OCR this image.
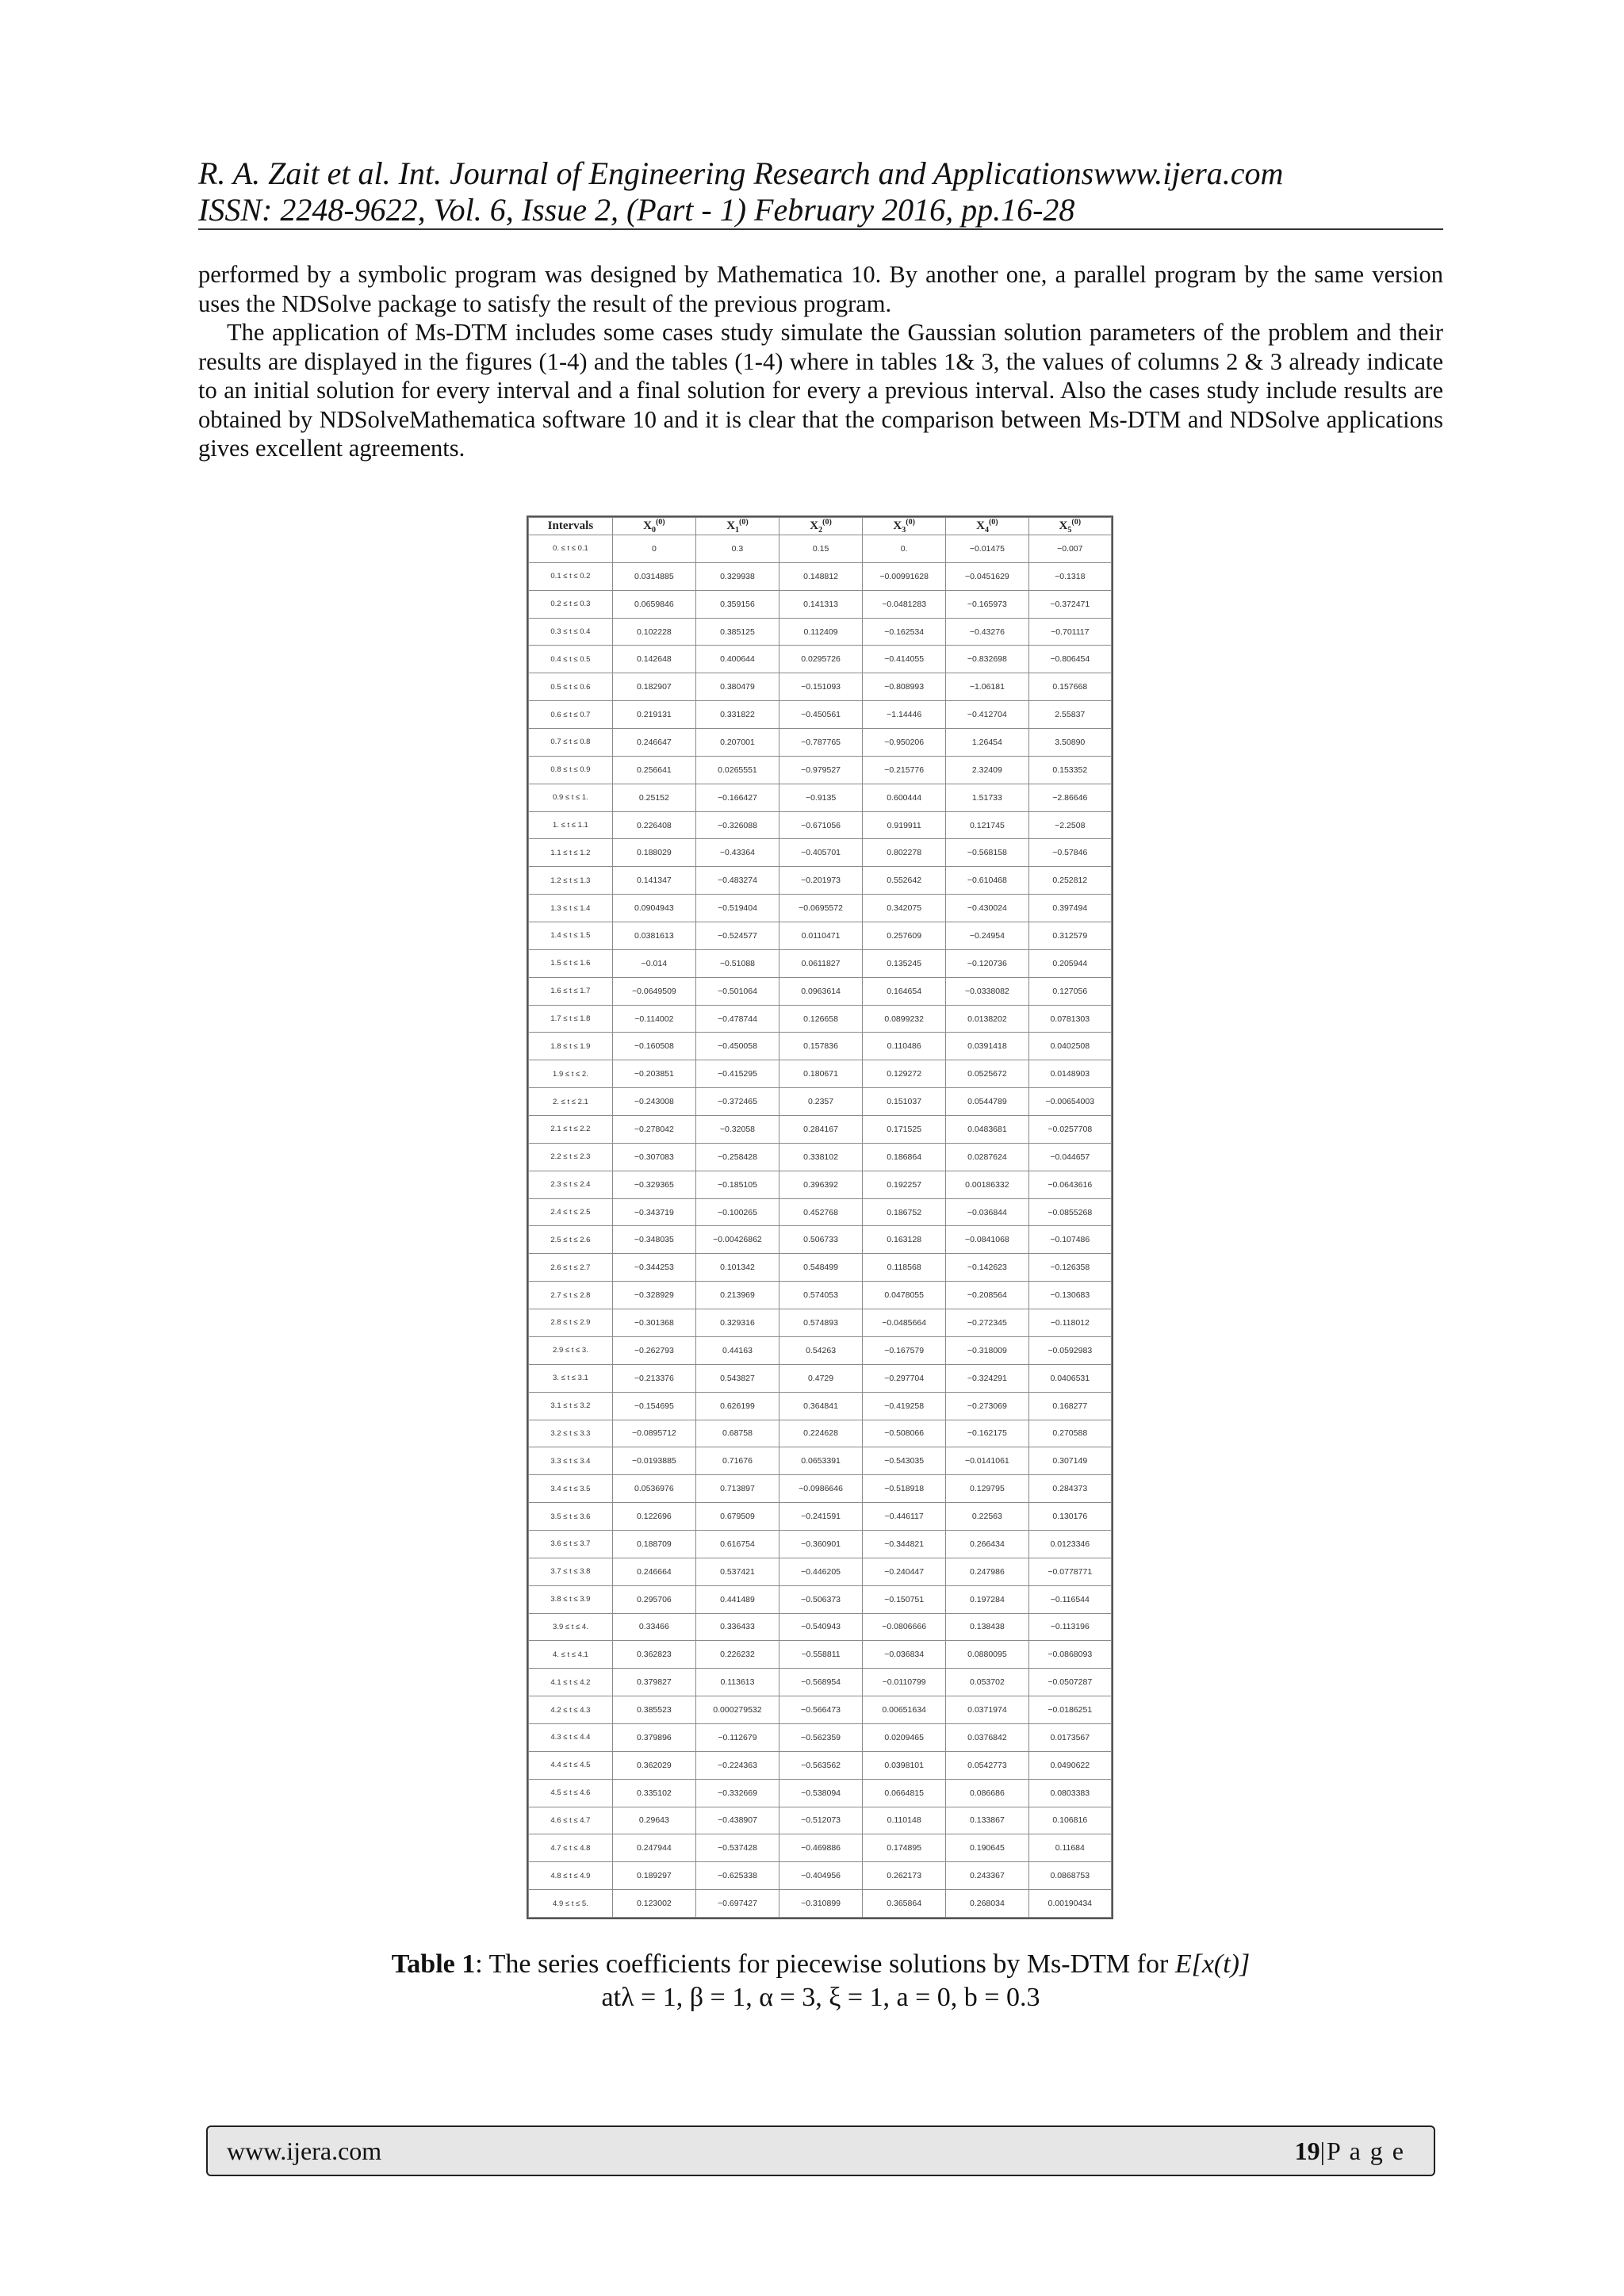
R. A. Zait et al. Int. Journal of Engineering Research and Applicationswww.ijera.com
ISSN: 2248-9622, Vol. 6, Issue 2, (Part - 1) February 2016, pp.16-28

performed by a symbolic program was designed by Mathematica 10. By another one, a parallel program by the same version uses the NDSolve package to satisfy the result of the previous program.

The application of Ms-DTM includes some cases study simulate the Gaussian solution parameters of the problem and their results are displayed in the figures (1-4) and the tables (1-4) where in tables 1& 3, the values of columns 2 & 3 already indicate to an initial solution for every interval and a final solution for every a previous interval. Also the cases study include results are obtained by NDSolveMathematica software 10 and it is clear that the comparison between Ms-DTM and NDSolve applications gives excellent agreements.

Intervals	$X_0^{(0)}$	$X_1^{(0)}$	$X_2^{(0)}$	$X_3^{(0)}$	$X_4^{(0)}$	$X_5^{(0)}$
0. ≤ t ≤ 0.1	0	0.3	0.15	0.	−0.01475	−0.007
0.1 ≤ t ≤ 0.2	0.0314885	0.329938	0.148812	−0.00991628	−0.0451629	−0.1318
0.2 ≤ t ≤ 0.3	0.0659846	0.359156	0.141313	−0.0481283	−0.165973	−0.372471
0.3 ≤ t ≤ 0.4	0.102228	0.385125	0.112409	−0.162534	−0.43276	−0.701117
0.4 ≤ t ≤ 0.5	0.142648	0.400644	0.0295726	−0.414055	−0.832698	−0.806454
0.5 ≤ t ≤ 0.6	0.182907	0.380479	−0.151093	−0.808993	−1.06181	0.157668
0.6 ≤ t ≤ 0.7	0.219131	0.331822	−0.450561	−1.14446	−0.412704	2.55837
0.7 ≤ t ≤ 0.8	0.246647	0.207001	−0.787765	−0.950206	1.26454	3.50890
0.8 ≤ t ≤ 0.9	0.256641	0.0265551	−0.979527	−0.215776	2.32409	0.153352
0.9 ≤ t ≤ 1.	0.25152	−0.166427	−0.9135	0.600444	1.51733	−2.86646
1. ≤ t ≤ 1.1	0.226408	−0.326088	−0.671056	0.919911	0.121745	−2.2508
1.1 ≤ t ≤ 1.2	0.188029	−0.43364	−0.405701	0.802278	−0.568158	−0.57846
1.2 ≤ t ≤ 1.3	0.141347	−0.483274	−0.201973	0.552642	−0.610468	0.252812
1.3 ≤ t ≤ 1.4	0.0904943	−0.519404	−0.0695572	0.342075	−0.430024	0.397494
1.4 ≤ t ≤ 1.5	0.0381613	−0.524577	0.0110471	0.257609	−0.24954	0.312579
1.5 ≤ t ≤ 1.6	−0.014	−0.51088	0.0611827	0.135245	−0.120736	0.205944
1.6 ≤ t ≤ 1.7	−0.0649509	−0.501064	0.0963614	0.164654	−0.0338082	0.127056
1.7 ≤ t ≤ 1.8	−0.114002	−0.478744	0.126658	0.0899232	0.0138202	0.0781303
1.8 ≤ t ≤ 1.9	−0.160508	−0.450058	0.157836	0.110486	0.0391418	0.0402508
1.9 ≤ t ≤ 2.	−0.203851	−0.415295	0.180671	0.129272	0.0525672	0.0148903
2. ≤ t ≤ 2.1	−0.243008	−0.372465	0.2357	0.151037	0.0544789	−0.00654003
2.1 ≤ t ≤ 2.2	−0.278042	−0.32058	0.284167	0.171525	0.0483681	−0.0257708
2.2 ≤ t ≤ 2.3	−0.307083	−0.258428	0.338102	0.186864	0.0287624	−0.044657
2.3 ≤ t ≤ 2.4	−0.329365	−0.185105	0.396392	0.192257	0.00186332	−0.0643616
2.4 ≤ t ≤ 2.5	−0.343719	−0.100265	0.452768	0.186752	−0.036844	−0.0855268
2.5 ≤ t ≤ 2.6	−0.348035	−0.00426862	0.506733	0.163128	−0.0841068	−0.107486
2.6 ≤ t ≤ 2.7	−0.344253	0.101342	0.548499	0.118568	−0.142623	−0.126358
2.7 ≤ t ≤ 2.8	−0.328929	0.213969	0.574053	0.0478055	−0.208564	−0.130683
2.8 ≤ t ≤ 2.9	−0.301368	0.329316	0.574893	−0.0485664	−0.272345	−0.118012
2.9 ≤ t ≤ 3.	−0.262793	0.44163	0.54263	−0.167579	−0.318009	−0.0592983
3. ≤ t ≤ 3.1	−0.213376	0.543827	0.4729	−0.297704	−0.324291	0.0406531
3.1 ≤ t ≤ 3.2	−0.154695	0.626199	0.364841	−0.419258	−0.273069	0.168277
3.2 ≤ t ≤ 3.3	−0.0895712	0.68758	0.224628	−0.508066	−0.162175	0.270588
3.3 ≤ t ≤ 3.4	−0.0193885	0.71676	0.0653391	−0.543035	−0.0141061	0.307149
3.4 ≤ t ≤ 3.5	0.0536976	0.713897	−0.0986646	−0.518918	0.129795	0.284373
3.5 ≤ t ≤ 3.6	0.122696	0.679509	−0.241591	−0.446117	0.22563	0.130176
3.6 ≤ t ≤ 3.7	0.188709	0.616754	−0.360901	−0.344821	0.266434	0.0123346
3.7 ≤ t ≤ 3.8	0.246664	0.537421	−0.446205	−0.240447	0.247986	−0.0778771
3.8 ≤ t ≤ 3.9	0.295706	0.441489	−0.506373	−0.150751	0.197284	−0.116544
3.9 ≤ t ≤ 4.	0.33466	0.336433	−0.540943	−0.0806666	0.138438	−0.113196
4. ≤ t ≤ 4.1	0.362823	0.226232	−0.558811	−0.036834	0.0880095	−0.0868093
4.1 ≤ t ≤ 4.2	0.379827	0.113613	−0.568954	−0.0110799	0.053702	−0.0507287
4.2 ≤ t ≤ 4.3	0.385523	0.000279532	−0.566473	0.00651634	0.0371974	−0.0186251
4.3 ≤ t ≤ 4.4	0.379896	−0.112679	−0.562359	0.0209465	0.0376842	0.0173567
4.4 ≤ t ≤ 4.5	0.362029	−0.224363	−0.563562	0.0398101	0.0542773	0.0490622
4.5 ≤ t ≤ 4.6	0.335102	−0.332669	−0.538094	0.0664815	0.086686	0.0803383
4.6 ≤ t ≤ 4.7	0.29643	−0.438907	−0.512073	0.110148	0.133867	0.106816
4.7 ≤ t ≤ 4.8	0.247944	−0.537428	−0.469886	0.174895	0.190645	0.11684
4.8 ≤ t ≤ 4.9	0.189297	−0.625338	−0.404956	0.262173	0.243367	0.0868753
4.9 ≤ t ≤ 5.	0.123002	−0.697427	−0.310899	0.365864	0.268034	0.00190434
Table 1: The series coefficients for piecewise solutions by Ms-DTM for E[x(t)]
atλ = 1, β = 1, α = 3, ξ = 1, a = 0, b = 0.3
www.ijera.com	19|P a g e
